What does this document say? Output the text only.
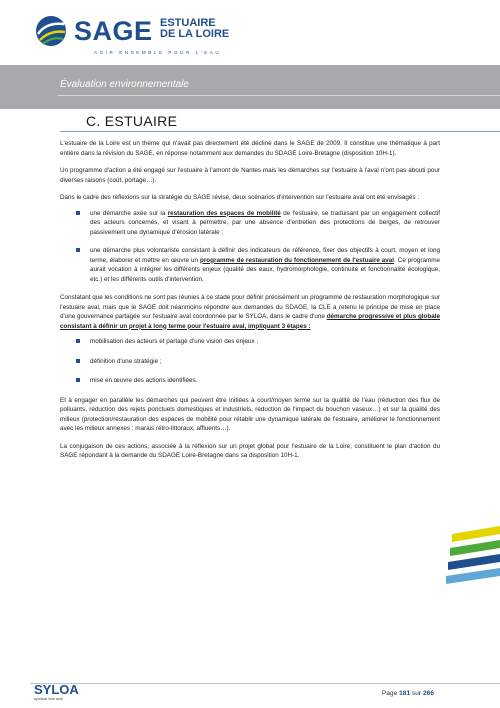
SAGE ESTUAIRE
DE LA LOIRE
AGIR ENSEMBLE POUR L'EAU
Évaluation environnementale
C. ESTUAIRE

L'estuaire de la Loire est un thème qui n'avait pas directement été décliné dans le SAGE de 2009. Il constitue une thématique à part entière dans la révision du SAGE, en réponse notamment aux demandes du SDAGE Loire-Bretagne (disposition 10H-1).

Un programme d'action a été engagé sur l'estuaire à l'amont de Nantes mais les démarches sur l'estuaire à l'aval n'ont pas abouti pour diverses raisons (coût, portage…).

Dans le cadre des réflexions sur la stratégie du SAGE révisé, deux scénarios d'intervention sur l'estuaire aval ont été envisagés :

une démarche axée sur la restauration des espaces de mobilité de l'estuaire, se traduisant par un engagement collectif des acteurs concernés, et visant à permettre, par une absence d'entretien des protections de berges, de retrouver passivement une dynamique d'érosion latérale ;
une démarche plus volontariste consistant à définir des indicateurs de référence, fixer des objectifs à court, moyen et long terme, élaborer et mettre en œuvre un programme de restauration du fonctionnement de l'estuaire aval. Ce programme aurait vocation à intégrer les différents enjeux (qualité des eaux, hydromorphologie, continuité et fonctionnalité écologique, etc.) et les différents outils d'intervention.

Constatant que les conditions ne sont pas réunies à ce stade pour définir précisément un programme de restauration morphologique sur l'estuaire aval, mais que le SAGE doit néanmoins répondre aux demandes du SDAGE, la CLE a retenu le principe de mise en place d'une gouvernance partagée sur l'estuaire aval coordonnée par le SYLOA, dans le cadre d'une démarche progressive et plus globale consistant à définir un projet à long terme pour l'estuaire aval, impliquant 3 étapes :

mobilisation des acteurs et partage d'une vision des enjeux ;
définition d'une stratégie ;
mise en œuvre des actions identifiées.

Et à engager en parallèle les démarches qui peuvent être initiées à court/moyen terme sur la qualité de l'eau (réduction des flux de polluants, réduction des rejets ponctuels domestiques et industriels, réduction de l'impact du bouchon vaseux…) et sur la qualité des milieux (protection/restauration des espaces de mobilité pour rétablir une dynamique latérale de l'estuaire, améliorer le fonctionnement avec les milieux annexes : marais rétro-littoraux, affluents…).

La conjugaison de ces actions, associée à la réflexion sur un projet global pour l'estuaire de la Loire, constituent le plan d'action du SAGE répondant à la demande du SDAGE Loire-Bretagne dans sa disposition 10H-1.

SYLOA
syndicat loire aval
Page 181 sur 266
